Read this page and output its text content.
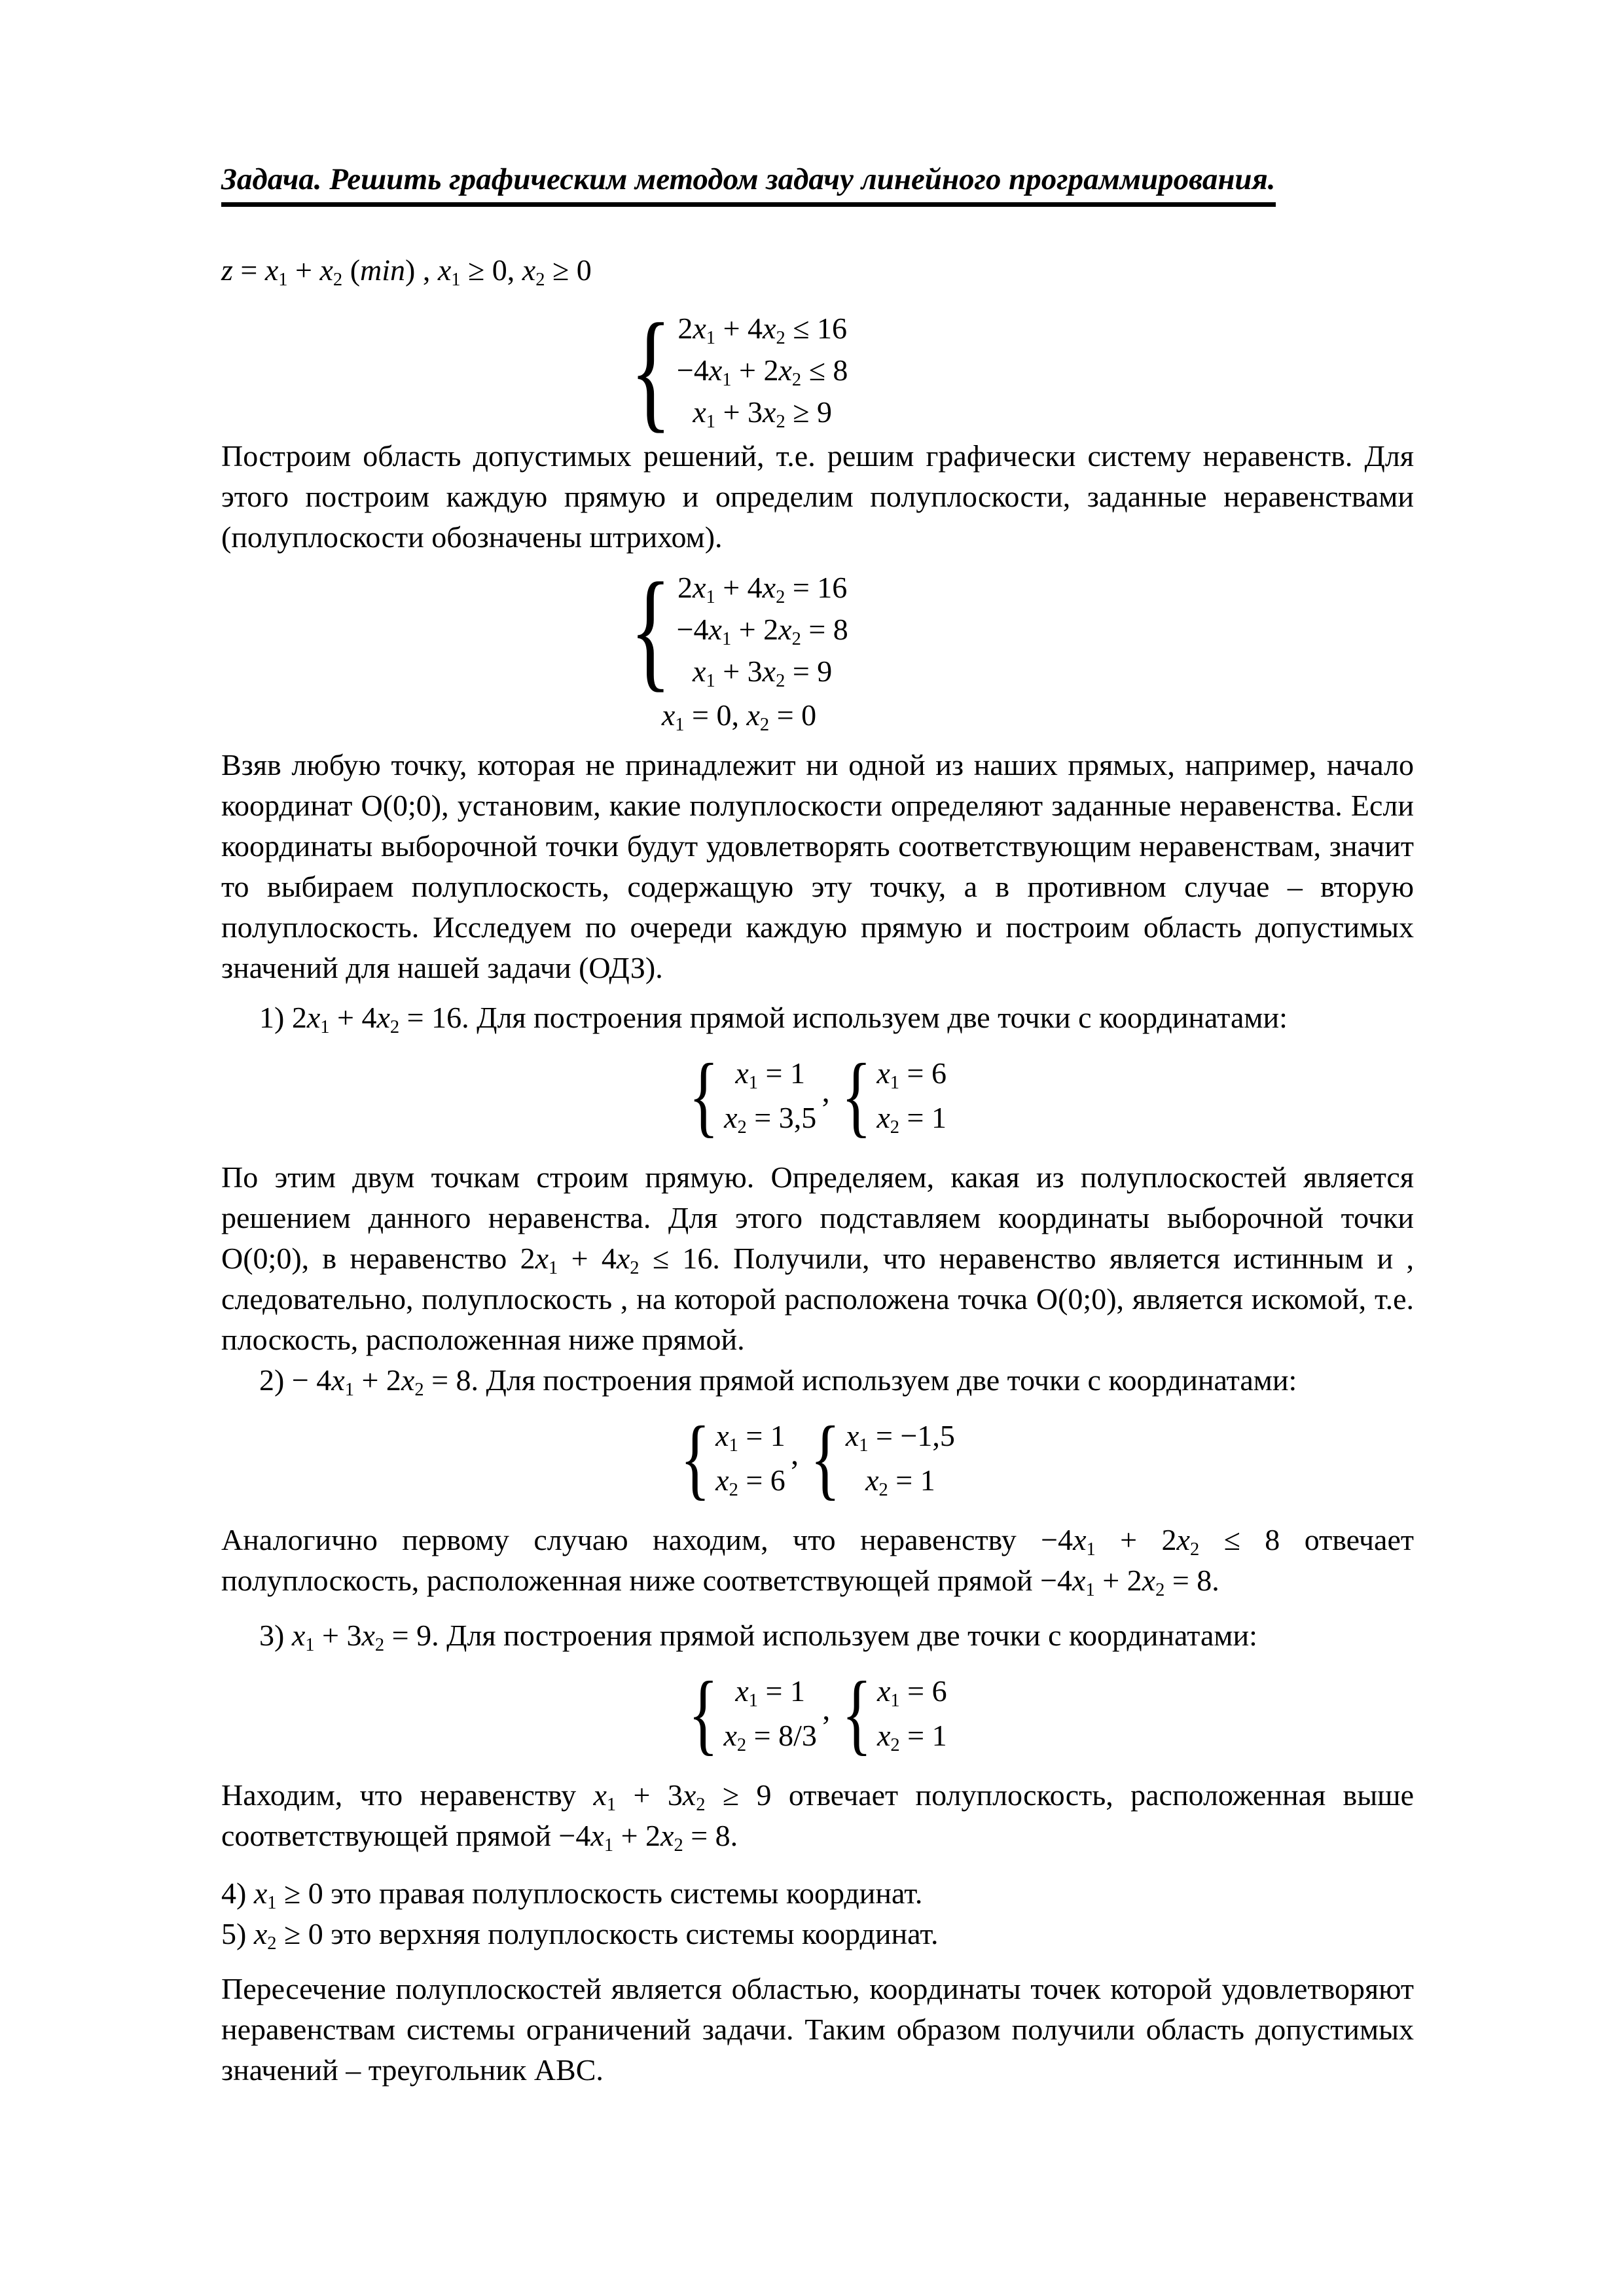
Задача. Решить графическим методом задачу линейного программирования.

$z = x_1 + x_2$ (min) , $x_1 \ge 0$, $x_2 \ge 0$

{ $2x_1 + 4x_2 \le 16$
$-4x_1 + 2x_2 \le 8$
$x_1 + 3x_2 \ge 9$

Построим область допустимых решений, т.е. решим графически систему неравенств. Для этого построим каждую прямую и определим полуплоскости, заданные неравенствами (полуплоскости обозначены штрихом).

{ $2x_1 + 4x_2 = 16$
$-4x_1 + 2x_2 = 8$
$x_1 + 3x_2 = 9$
$x_1 = 0$, $x_2 = 0$

Взяв любую точку, которая не принадлежит ни одной из наших прямых, например, начало координат О(0;0), установим, какие полуплоскости определяют заданные неравенства. Если координаты выборочной точки будут удовлетворять соответствующим неравенствам, значит то выбираем полуплоскость, содержащую эту точку, а в противном случае – вторую полуплоскость. Исследуем по очереди каждую прямую и построим область допустимых значений для нашей задачи (ОДЗ).

1) $2x_1 + 4x_2 = 16$. Для построения прямой используем две точки с координатами:

{ $x_1 = 1$
$x_2 = 3,5$ ’ { $x_1 = 6$
$x_2 = 1$

По этим двум точкам строим прямую. Определяем, какая из полуплоскостей является решением данного неравенства. Для этого подставляем координаты выборочной точки О(0;0), в неравенство $2x_1 + 4x_2 \le 16$. Получили, что неравенство является истинным и , следовательно, полуплоскость , на которой расположена точка О(0;0), является искомой, т.е. плоскость, расположенная ниже прямой.

$2) - 4x_1 + 2x_2 = 8$. Для построения прямой используем две точки с координатами:

{ $x_1 = 1$
$x_2 = 6$ ’ { $x_1 = -1,5$
$x_2 = 1$

Аналогично первому случаю находим, что неравенству $-4x_1 + 2x_2 \le 8$ отвечает полуплоскость, расположенная ниже соответствующей прямой $-4x_1 + 2x_2 = 8$.

3) $x_1 + 3x_2 = 9$. Для построения прямой используем две точки с координатами:

{ $x_1 = 1$
$x_2 = 8/3$ ’ { $x_1 = 6$
$x_2 = 1$

Находим, что неравенству $x_1 + 3x_2 \ge 9$ отвечает полуплоскость, расположенная выше соответствующей прямой $-4x_1 + 2x_2 = 8$.

4) $x_1 \ge 0$ это правая полуплоскость системы координат.

5) $x_2 \ge 0$ это верхняя полуплоскость системы координат.

Пересечение полуплоскостей является областью, координаты точек которой удовлетворяют неравенствам системы ограничений задачи. Таким образом получили область допустимых значений – треугольник АВС.
